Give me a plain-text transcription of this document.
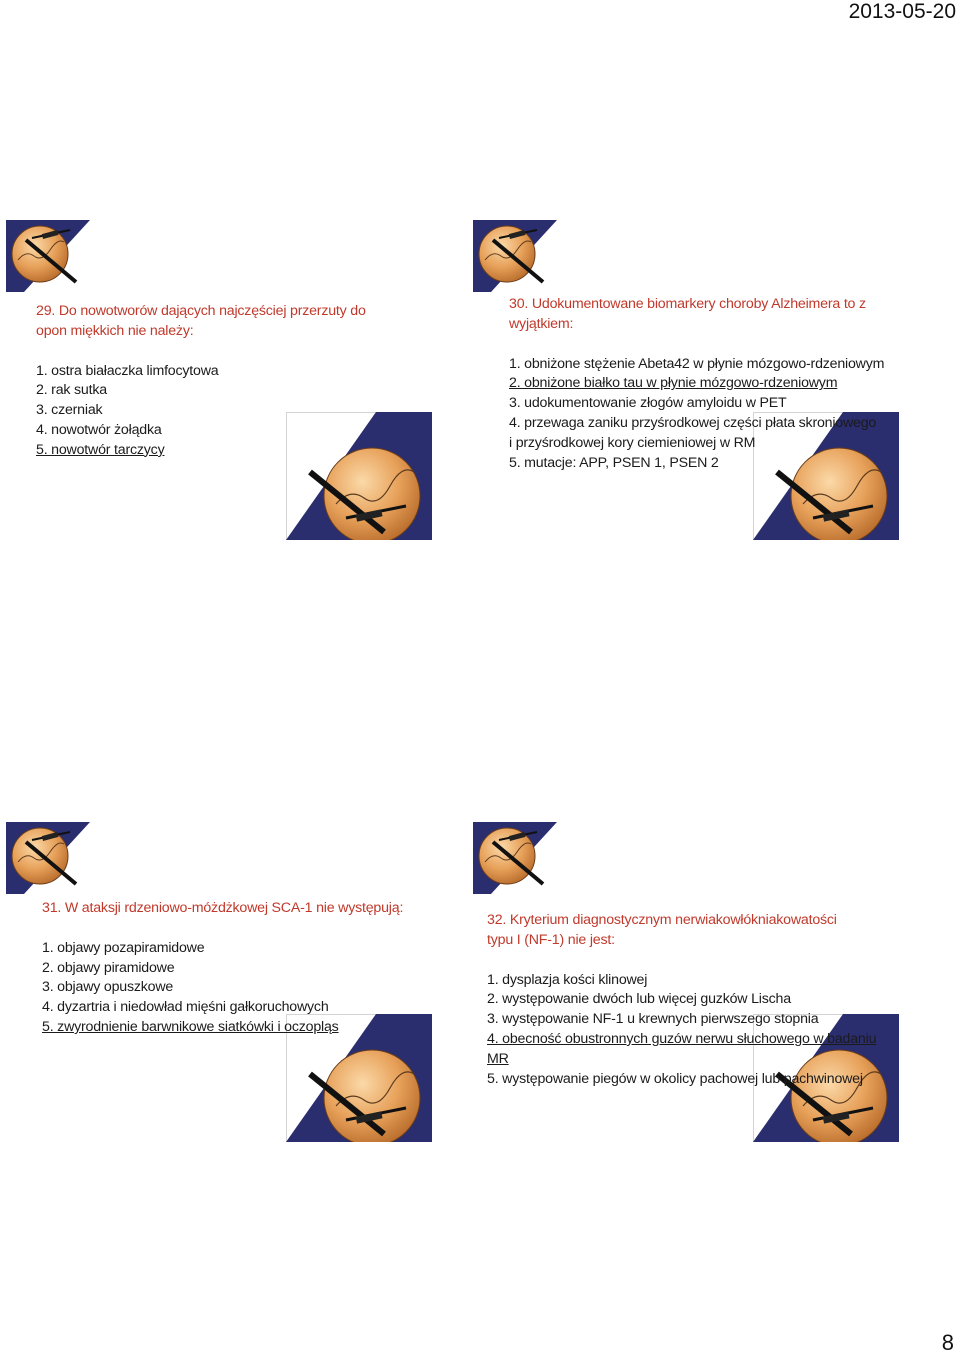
2013-05-20

29. Do nowotworów dających najczęściej przerzuty do opon miękkich nie należy:

1. ostra białaczka limfocytowa
2. rak sutka
3. czerniak
4. nowotwór żołądka
5. nowotwór tarczycy

30. Udokumentowane biomarkery choroby Alzheimera to z wyjątkiem:

1. obniżone stężenie Abeta42 w płynie mózgowo-rdzeniowym
2. obniżone białko tau w płynie mózgowo-rdzeniowym
3. udokumentowanie złogów amyloidu w PET
4. przewaga zaniku przyśrodkowej części płata skroniowego
i przyśrodkowej kory ciemieniowej w RM
5. mutacje: APP, PSEN 1, PSEN 2

31. W ataksji rdzeniowo-móżdżkowej SCA-1 nie występują:

1. objawy pozapiramidowe
2. objawy piramidowe
3. objawy opuszkowe
4. dyzartria i niedowład mięśni gałkoruchowych
5. zwyrodnienie barwnikowe siatkówki i oczopląs

32. Kryterium diagnostycznym nerwiakowłókniakowatości typu I (NF-1) nie jest:

1. dysplazja kości klinowej
2. występowanie dwóch lub więcej guzków Lischa
3. występowanie NF-1 u krewnych pierwszego stopnia
4. obecność obustronnych guzów nerwu słuchowego w badaniu MR
5. występowanie piegów w okolicy pachowej lub pachwinowej
8
